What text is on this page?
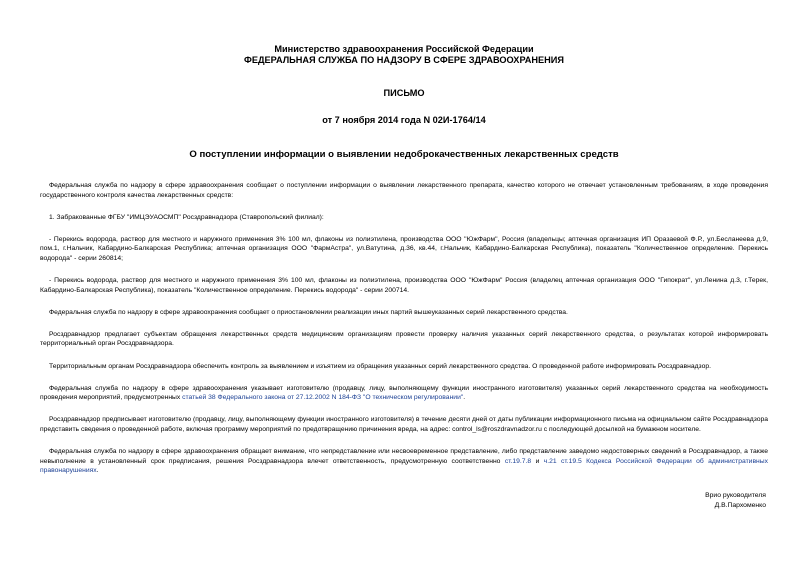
Министерство здравоохранения Российской Федерации
ФЕДЕРАЛЬНАЯ СЛУЖБА ПО НАДЗОРУ В СФЕРЕ ЗДРАВООХРАНЕНИЯ
ПИСЬМО
от 7 ноября 2014 года N 02И-1764/14
О поступлении информации о выявлении недоброкачественных лекарственных средств

Федеральная служба по надзору в сфере здравоохранения сообщает о поступлении информации о выявлении лекарственного препарата, качество которого не отвечает установленным требованиям, в ходе проведения государственного контроля качества лекарственных средств:

1. Забракованные ФГБУ "ИМЦЭУАОСМП" Росздравнадзора (Ставропольский филиал):

- Перекись водорода, раствор для местного и наружного применения 3% 100 мл, флаконы из полиэтилена, производства ООО "ЮжФарм", Россия (владельцы; аптечная организация ИП Оразаевой Ф.Р., ул.Бесланеева д.9, пом.1, г.Нальчик, Кабардино-Балкарская Республика; аптечная организация ООО "ФармАстра", ул.Ватутина, д.36, кв.44, г.Нальчик, Кабардино-Балкарская Республика), показатель "Количественное определение. Перекись водорода" - серии 260814;

- Перекись водорода, раствор для местного и наружного применения 3% 100 мл, флаконы из полиэтилена, производства ООО "ЮжФарм" Россия (владелец аптечная организация ООО "Гипократ", ул.Ленина д.3, г.Терек, Кабардино-Балкарская Республика), показатель "Количественное определение. Перекись водорода" - серии 200714.

Федеральная служба по надзору в сфере здравоохранения сообщает о приостановлении реализации иных партий вышеуказанных серий лекарственного средства.

Росздравнадзор предлагает субъектам обращения лекарственных средств медицинским организациям провести проверку наличия указанных серий лекарственного средства, о результатах которой информировать территориальный орган Росздравнадзора.

Территориальным органам Росздравнадзора обеспечить контроль за выявлением и изъятием из обращения указанных серий лекарственного средства. О проведенной работе информировать Росздравнадзор.

Федеральная служба по надзору в сфере здравоохранения указывает изготовителю (продавцу, лицу, выполняющему функции иностранного изготовителя) указанных серий лекарственного средства на необходимость проведения мероприятий, предусмотренных статьей 38 Федерального закона от 27.12.2002 N 184-ФЗ "О техническом регулировании".

Росздравнадзор предписывает изготовителю (продавцу, лицу, выполняющему функции иностранного изготовителя) в течение десяти дней от даты публикации информационного письма на официальном сайте Росздравнадзора представить сведения о проведенной работе, включая программу мероприятий по предотвращению причинения вреда, на адрес: control_ls@roszdravnadzor.ru с последующей досылкой на бумажном носителе.

Федеральная служба по надзору в сфере здравоохранения обращает внимание, что непредставление или несвоевременное представление, либо представление заведомо недостоверных сведений в Росздравнадзор, а также невыполнение в установленный срок предписания, решения Росздравнадзора влечет ответственность, предусмотренную соответственно ст.19.7.8 и ч.21 ст.19.5 Кодекса Российской Федерации об административных правонарушениях.

Врио руководителя
Д.В.Пархоменко
